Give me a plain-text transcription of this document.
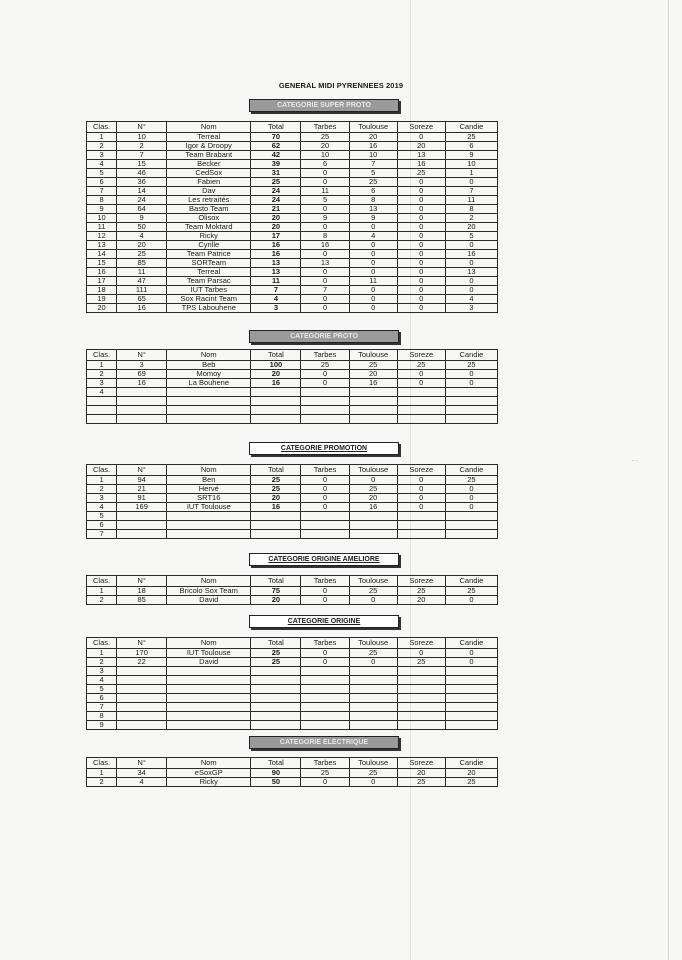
GENERAL MIDI PYRENNEES 2019
CATEGORIE SUPER PROTO
CATEGORIE PROTO
CATEGORIE PROMOTION
CATEGORIE ORIGINE AMELIORE
CATEGORIE ORIGINE
CATEGORIE ELECTRIQUE
Clas.	N°	Nom	Total	Tarbes	Toulouse	Soreze	Candie
1	10	Terreal	70	25	20	0	25
2	2	Igor & Droopy	62	20	16	20	6
3	7	Team Brabant	42	10	10	13	9
4	15	Becker	39	6	7	16	10
5	46	CedSox	31	0	5	25	1
6	36	Fabien	25	0	25	0	0
7	14	Dav	24	11	6	0	7
8	24	Les retraités	24	5	8	0	11
9	64	Basto Team	21	0	13	0	8
10	9	Olisox	20	9	9	0	2
11	50	Team Moktard	20	0	0	0	20
12	4	Ricky	17	8	4	0	5
13	20	Cyrille	16	16	0	0	0
14	25	Team Patrice	16	0	0	0	16
15	85	SORTeam	13	13	0	0	0
16	11	Terreal	13	0	0	0	13
17	47	Team Parsac	11	0	11	0	0
18	111	IUT Tarbes	7	7	0	0	0
19	65	Sox Racint Team	4	0	0	0	4
20	16	TPS Labouhene	3	0	0	0	3
Clas.	N°	Nom	Total	Tarbes	Toulouse	Soreze	Candie
1	3	Beb	100	25	25	25	25
2	69	Momoy	20	0	20	0	0
3	16	La Bouhene	16	0	16	0	0
4							

Clas.	N°	Nom	Total	Tarbes	Toulouse	Soreze	Candie
1	94	Ben	25	0	0	0	25
2	21	Hervé	25	0	25	0	0
3	91	SRT16	20	0	20	0	0
4	169	IUT Toulouse	16	0	16	0	0
5							
6							
7							
Clas.	N°	Nom	Total	Tarbes	Toulouse	Soreze	Candie
1	18	Bricolo Sox Team	75	0	25	25	25
2	85	David	20	0	0	20	0
Clas.	N°	Nom	Total	Tarbes	Toulouse	Soreze	Candie
1	170	IUT Toulouse	25	0	25	0	0
2	22	David	25	0	0	25	0
3							
4							
5							
6							
7							
8							
9							
Clas.	N°	Nom	Total	Tarbes	Toulouse	Soreze	Candie
1	34	eSoxGP	90	25	25	20	20
2	4	Ricky	50	0	0	25	25
- -
